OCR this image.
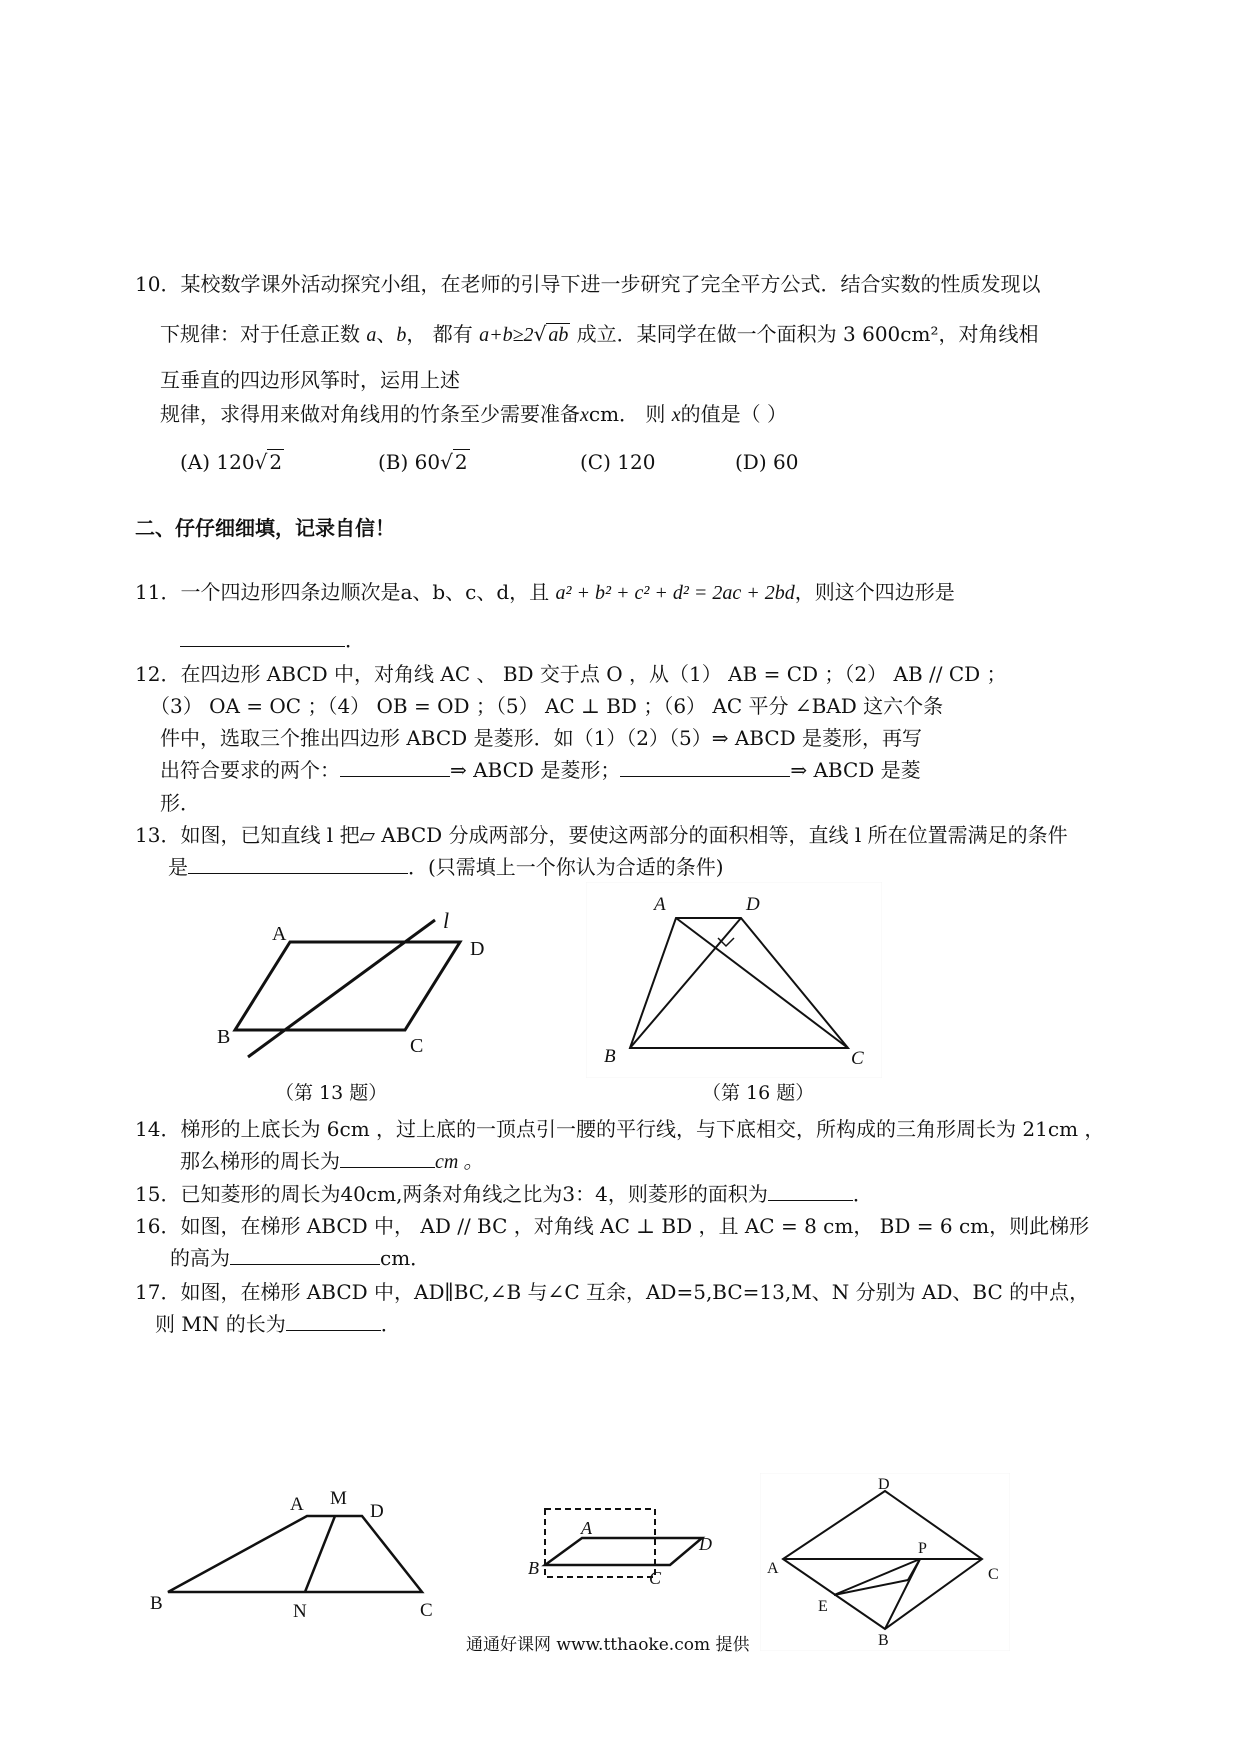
10．某校数学课外活动探究小组，在老师的引导下进一步研究了完全平方公式．结合实数的性质发现以
下规律：对于任意正数 a、b， 都有 a+b≥2√ ab 成立．某同学在做一个面积为 3 600cm²，对角线相
互垂直的四边形风筝时，运用上述
规律，求得用来做对角线用的竹条至少需要准备xcm． 则 x的值是（ ）
(A) 120√ 2	(B) 60√ 2	(C) 120	(D) 60
二、仔仔细细填，记录自信！
11．一个四边形四条边顺次是a、b、c、d，且 a² + b² + c² + d² = 2ac + 2bd，则这个四边形是
．
12．在四边形 ABCD 中，对角线 AC 、 BD 交于点 O ，从（1） AB = CD ；（2） AB // CD ；
（3） OA = OC ；（4） OB = OD ；（5） AC ⊥ BD ；（6） AC 平分 ∠BAD 这六个条
件中，选取三个推出四边形 ABCD 是菱形．如（1）（2）（5）⇒ ABCD 是菱形，再写
出符合要求的两个：	⇒ ABCD 是菱形；	⇒ ABCD 是菱
形．
13．如图，已知直线 l 把▱ ABCD 分成两部分，要使这两部分的面积相等，直线 l 所在位置需满足的条件
是	．(只需填上一个你认为合适的条件)
A
D
B	C
l
（第 13 题）
A	D
B	C
（第 16 题）
14．梯形的上底长为 6cm ，过上底的一顶点引一腰的平行线，与下底相交，所构成的三角形周长为 21cm ，
那么梯形的周长为	cm 。
15．已知菱形的周长为40cm,两条对角线之比为3：4，则菱形的面积为	．
16．如图，在梯形 ABCD 中， AD // BC ，对角线 AC ⊥ BD ，且 AC = 8 cm， BD = 6 cm，则此梯形
的高为	cm．
17．如图，在梯形 ABCD 中，AD∥BC,∠B 与∠C 互余，AD=5,BC=13,M、N 分别为 AD、BC 的中点，
则 MN 的长为	．
A M
D
B	N	C
A
B	C
D
D
A
P
C
E
B
通通好课网 www.tthaoke.com 提供
